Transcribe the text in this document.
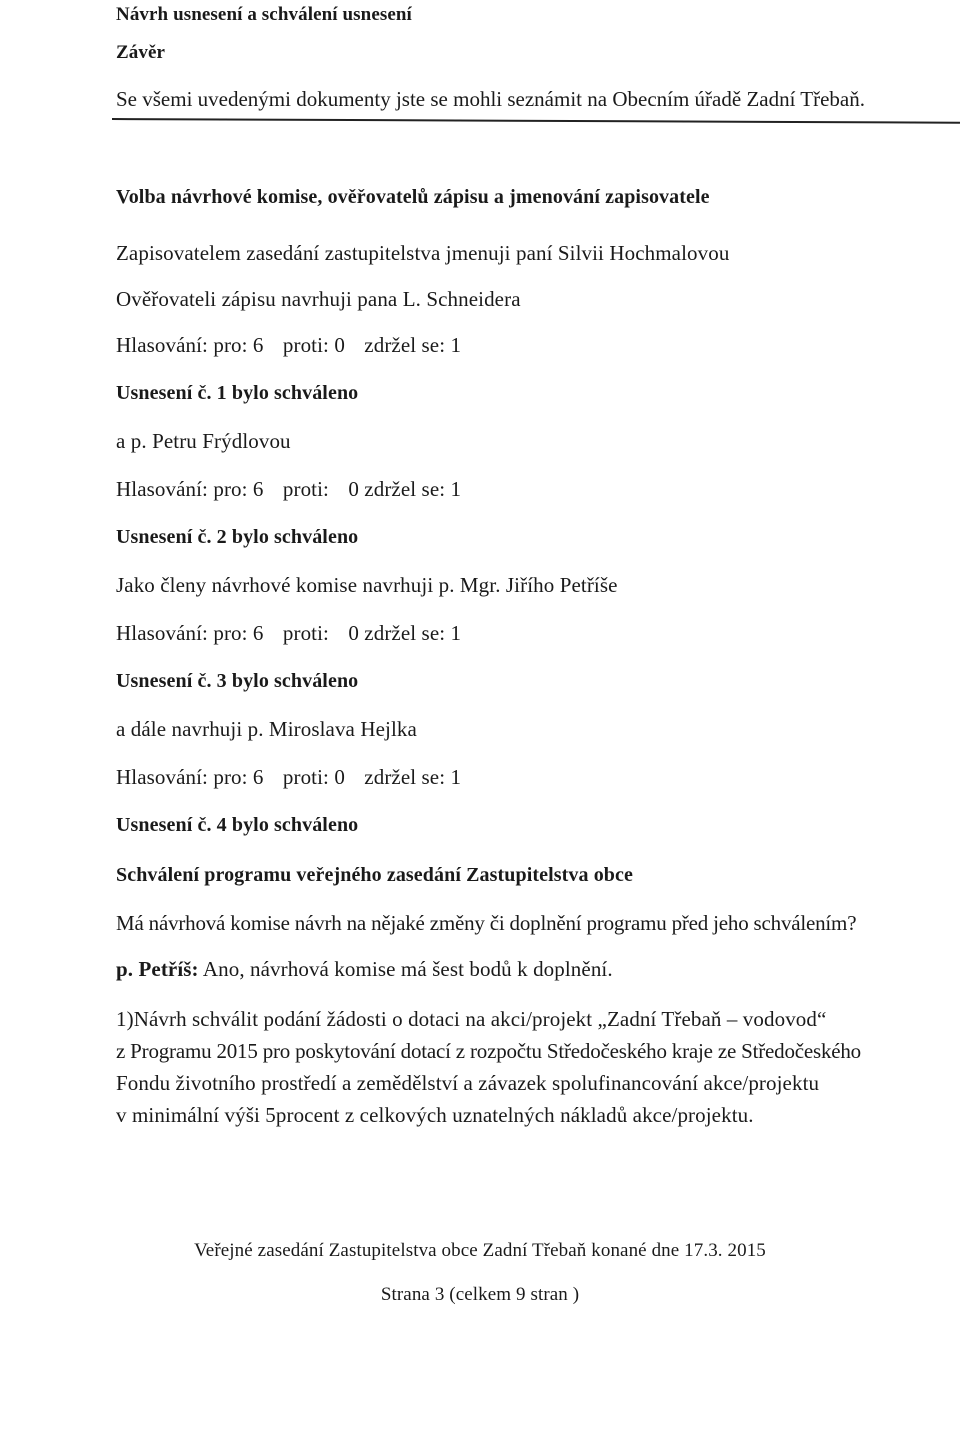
Návrh usnesení a schválení usnesení
Závěr
Se všemi uvedenými dokumenty jste se mohli seznámit na Obecním úřadě Zadní Třebaň.
Volba návrhové komise, ověřovatelů zápisu a jmenování zapisovatele
Zapisovatelem zasedání zastupitelstva jmenuji paní Silvii Hochmalovou
Ověřovateli zápisu navrhuji pana L. Schneidera
Hlasování: pro: 6 proti: 0 zdržel se: 1
Usnesení č. 1 bylo schváleno
a p. Petru Frýdlovou
Hlasování: pro: 6 proti: 0 zdržel se: 1
Usnesení č. 2 bylo schváleno
Jako členy návrhové komise navrhuji p. Mgr. Jiřího Petříše
Hlasování: pro: 6 proti: 0 zdržel se: 1
Usnesení č. 3 bylo schváleno
a dále navrhuji p. Miroslava Hejlka
Hlasování: pro: 6 proti: 0 zdržel se: 1
Usnesení č. 4 bylo schváleno
Schválení programu veřejného zasedání Zastupitelstva obce
Má návrhová komise návrh na nějaké změny či doplnění programu před jeho schválením?
p. Petříš: Ano, návrhová komise má šest bodů k doplnění.
1)Návrh schválit podání žádosti o dotaci na akci/projekt „Zadní Třebaň – vodovod“
z Programu 2015 pro poskytování dotací z rozpočtu Středočeského kraje ze Středočeského
Fondu životního prostředí a zemědělství a závazek spolufinancování akce/projektu
v minimální výši 5procent z celkových uznatelných nákladů akce/projektu.
Veřejné zasedání Zastupitelstva obce Zadní Třebaň konané dne 17.3. 2015
Strana 3 (celkem 9 stran )
